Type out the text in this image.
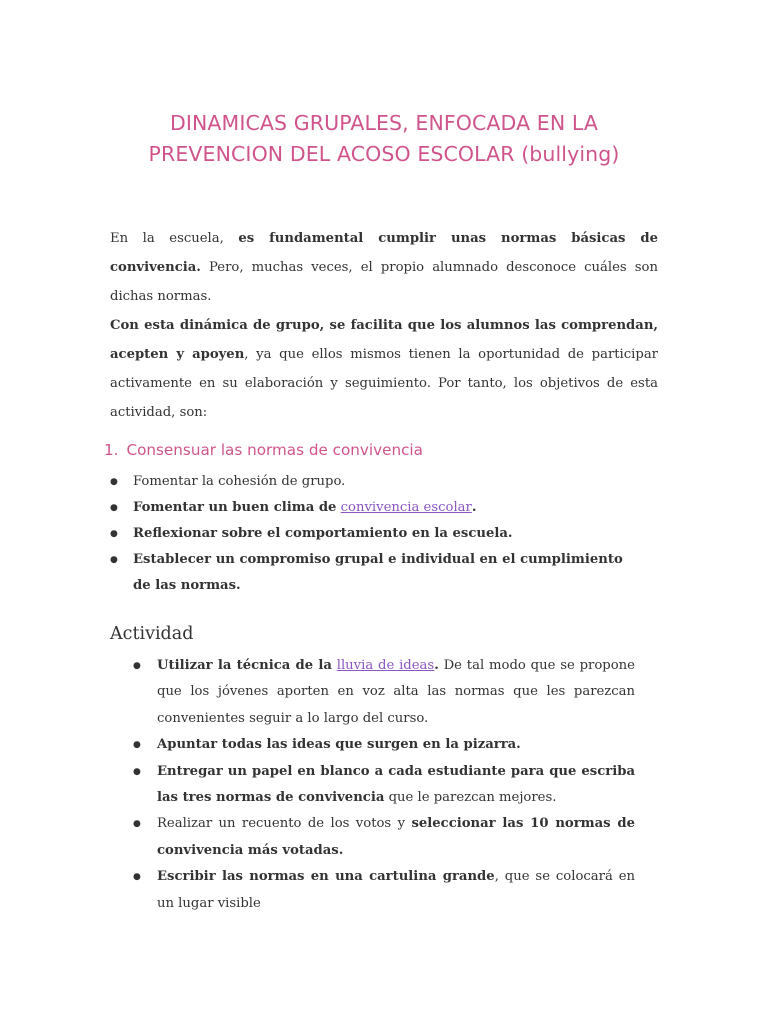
DINAMICAS GRUPALES, ENFOCADA EN LA
PREVENCION DEL ACOSO ESCOLAR (bullying)

En la escuela, es fundamental cumplir unas normas básicas de convivencia. Pero, muchas veces, el propio alumnado desconoce cuáles son dichas normas.

Con esta dinámica de grupo, se facilita que los alumnos las comprendan, acepten y apoyen, ya que ellos mismos tienen la oportunidad de participar activamente en su elaboración y seguimiento. Por tanto, los objetivos de esta actividad, son:

1. Consensuar las normas de convivencia
● Fomentar la cohesión de grupo.
● Fomentar un buen clima de convivencia escolar.
● Reflexionar sobre el comportamiento en la escuela.
● Establecer un compromiso grupal e individual en el cumplimiento de las normas.
Actividad
● Utilizar la técnica de la lluvia de ideas. De tal modo que se propone que los jóvenes aporten en voz alta las normas que les parezcan convenientes seguir a lo largo del curso.
● Apuntar todas las ideas que surgen en la pizarra.
● Entregar un papel en blanco a cada estudiante para que escriba las tres normas de convivencia que le parezcan mejores.
● Realizar un recuento de los votos y seleccionar las 10 normas de convivencia más votadas.
● Escribir las normas en una cartulina grande, que se colocará en un lugar visible
